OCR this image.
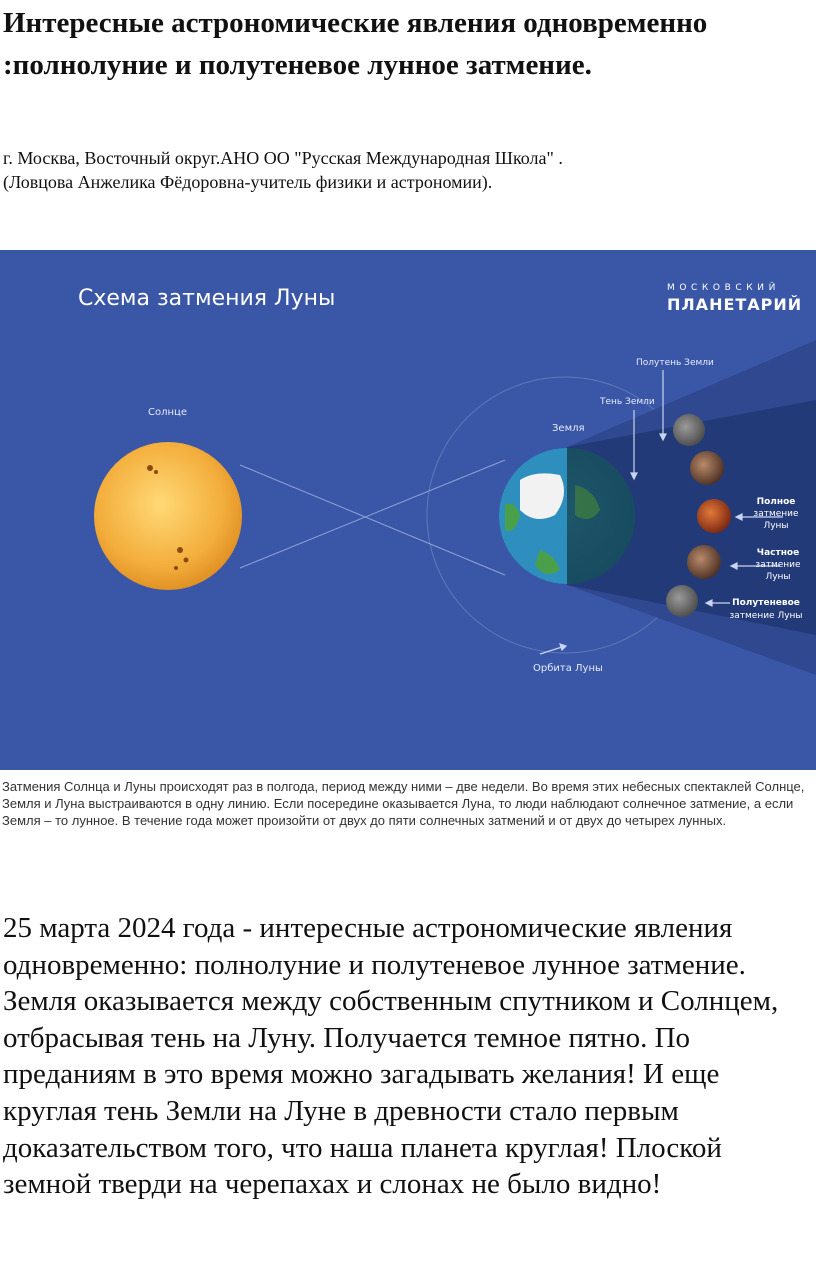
Интересные астрономические явления одновременно :полнолуние и полутеневое лунное затмение.
г. Москва, Восточный округ.АНО ОО "Русская Международная Школа" .
(Ловцова Анжелика Фёдоровна-учитель физики и астрономии).
Схема затмения Луны	МОСКОВСКИЙ
ПЛАНЕТАРИЙ
Солнце
Земля
Полутень Земли
Тень Земли
Орбита Луны
Полное
затмение
Луны
Частное
затмение
Луны
Полутеневое
затмение Луны
Затмения Солнца и Луны происходят раз в полгода, период между ними – две недели. Во время этих небесных спектаклей Солнце, Земля и Луна выстраиваются в одну линию. Если посередине оказывается Луна, то люди наблюдают солнечное затмение, а если Земля – то лунное. В течение года может произойти от двух до пяти солнечных затмений и от двух до четырех лунных.

25 марта 2024 года - интересные астрономические явления одновременно: полнолуние и полутеневое лунное затмение. Земля оказывается между собственным спутником и Солнцем, отбрасывая тень на Луну. Получается темное пятно. По преданиям в это время можно загадывать желания! И еще круглая тень Земли на Луне в древности стало первым доказательством того, что наша планета круглая! Плоской земной тверди на черепахах и слонах не было видно!
